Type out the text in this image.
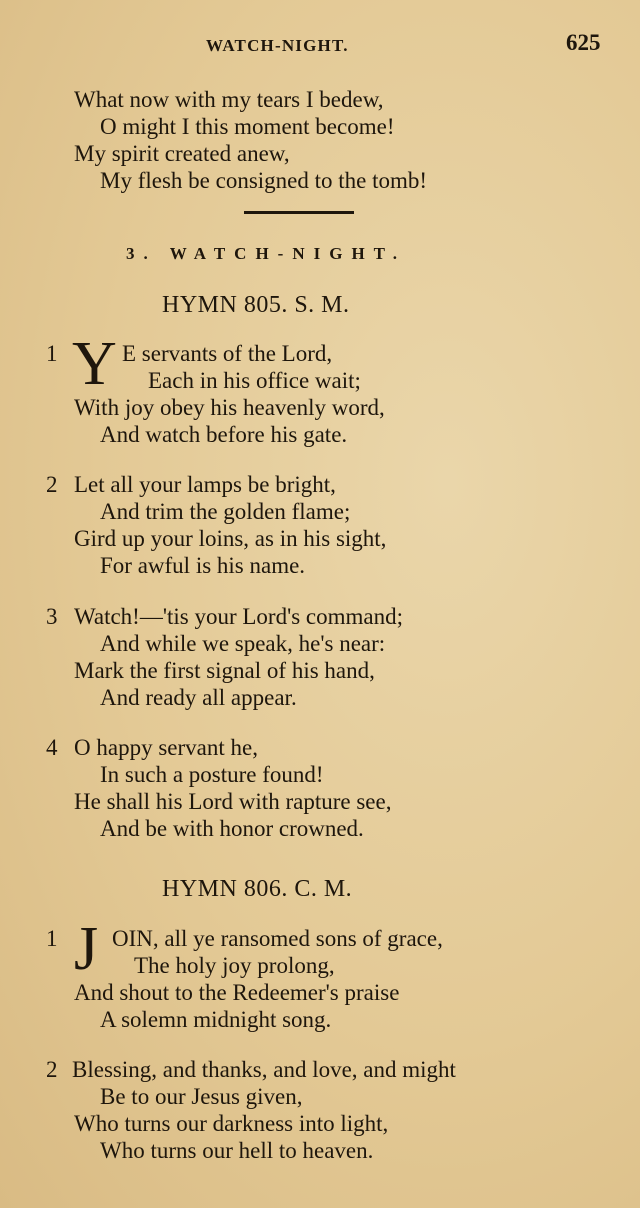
WATCH-NIGHT.	625
What now with my tears I bedew,
O might I this moment become!
My spirit created anew,
My flesh be consigned to the tomb!
3. WATCH-NIGHT.
HYMN 805. S. M.
1 Y E servants of the Lord,
Each in his office wait;
With joy obey his heavenly word,
And watch before his gate.
2 Let all your lamps be bright,
And trim the golden flame;
Gird up your loins, as in his sight,
For awful is his name.
3 Watch!—'tis your Lord's command;
And while we speak, he's near:
Mark the first signal of his hand,
And ready all appear.
4 O happy servant he,
In such a posture found!
He shall his Lord with rapture see,
And be with honor crowned.
HYMN 806. C. M.
1 J OIN, all ye ransomed sons of grace,
The holy joy prolong,
And shout to the Redeemer's praise
A solemn midnight song.
2 Blessing, and thanks, and love, and might
Be to our Jesus given,
Who turns our darkness into light,
Who turns our hell to heaven.
